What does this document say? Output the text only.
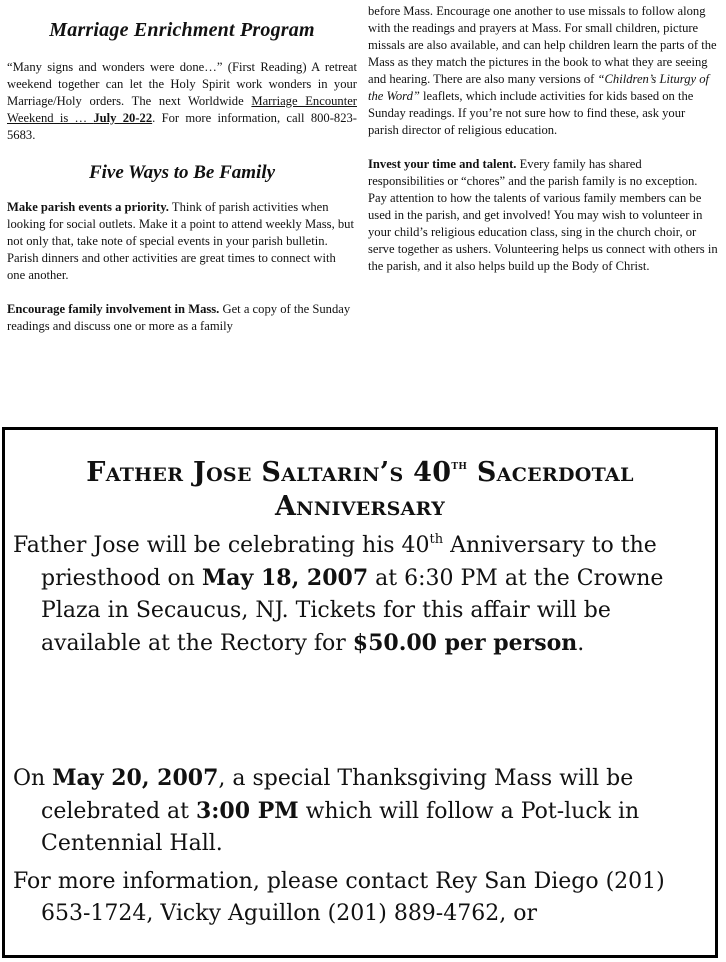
Marriage Enrichment Program

“Many signs and wonders were done…” (First Reading) A retreat weekend together can let the Holy Spirit work wonders in your Marriage/Holy orders. The next Worldwide Marriage Encounter Weekend is … July 20-22. For more information, call 800-823-5683.

Five Ways to Be Family

Make parish events a priority. Think of parish activities when looking for social outlets. Make it a point to attend weekly Mass, but not only that, take note of special events in your parish bulletin. Parish dinners and other activities are great times to connect with one another.

Encourage family involvement in Mass. Get a copy of the Sunday readings and discuss one or more as a family

before Mass. Encourage one another to use missals to follow along with the readings and prayers at Mass. For small children, picture missals are also available, and can help children learn the parts of the Mass as they match the pictures in the book to what they are seeing and hearing. There are also many versions of “Children’s Liturgy of the Word” leaflets, which include activities for kids based on the Sunday readings. If you’re not sure how to find these, ask your parish director of religious education.

Invest your time and talent. Every family has shared responsibilities or “chores” and the parish family is no exception. Pay attention to how the talents of various family members can be used in the parish, and get involved! You may wish to volunteer in your child’s religious education class, sing in the church choir, or serve together as ushers. Volunteering helps us connect with others in the parish, and it also helps build up the Body of Christ.

Father Jose Saltarin’s 40th Sacerdotal Anniversary

Father Jose will be celebrating his 40th Anniversary to the priesthood on May 18, 2007 at 6:30 PM at the Crowne Plaza in Secaucus, NJ. Tickets for this affair will be available at the Rectory for $50.00 per person.

On May 20, 2007, a special Thanksgiving Mass will be celebrated at 3:00 PM which will follow a Pot-luck in Centennial Hall.

For more information, please contact Rey San Diego (201) 653-1724, Vicky Aguillon (201) 889-4762, or
